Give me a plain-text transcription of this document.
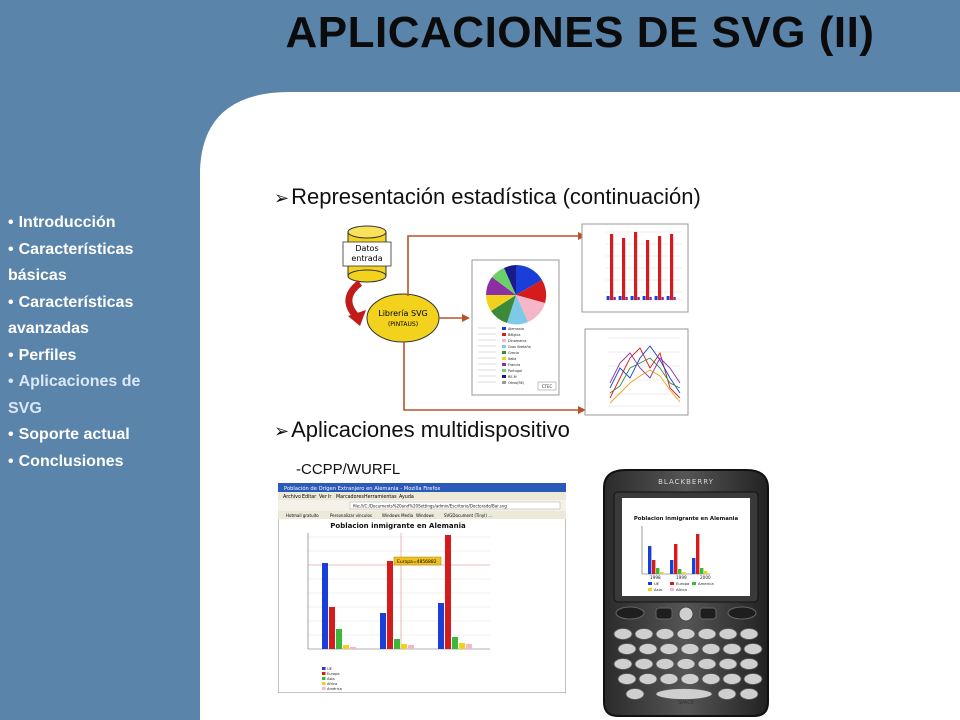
APLICACIONES DE SVG (II)
• Introducción
• Características
básicas
• Características
avanzadas
• Perfiles
• Aplicaciones de
SVG
• Soporte actual
• Conclusiones
➢Representación estadística (continuación)
➢Aplicaciones multidispositivo
-CCPP/WURFL
Datos
entrada
Librería SVG
(PINTAUS)
Alemania
Bélgica
Dinamarca
Gran Bretaña
Grecia
Italia
Francia
Portugal
RE.M
Otros(RE)
CTEC
Población de Origen Extranjero en Alemania - Mozilla Firefox
Archivo Editar Ver Ir Marcadores Herramientas Ayuda
file:///C:/Documents%20and%20Settings/admin/Escritorio/Doctorado/Bar.svg
Hotmail gratuito	Personalizar vínculos	Windows Media Windows	SVGDocument (Tinyl) ...
Poblacion inmigrante en Alemania
Europa=4856882
UE
Europa
Asia
Africa
América
BLACKBERRY
Poblacion inmigrante en Alemania
1998	1999	2000
UE	Europa America
Asia	Africa
SPACE
